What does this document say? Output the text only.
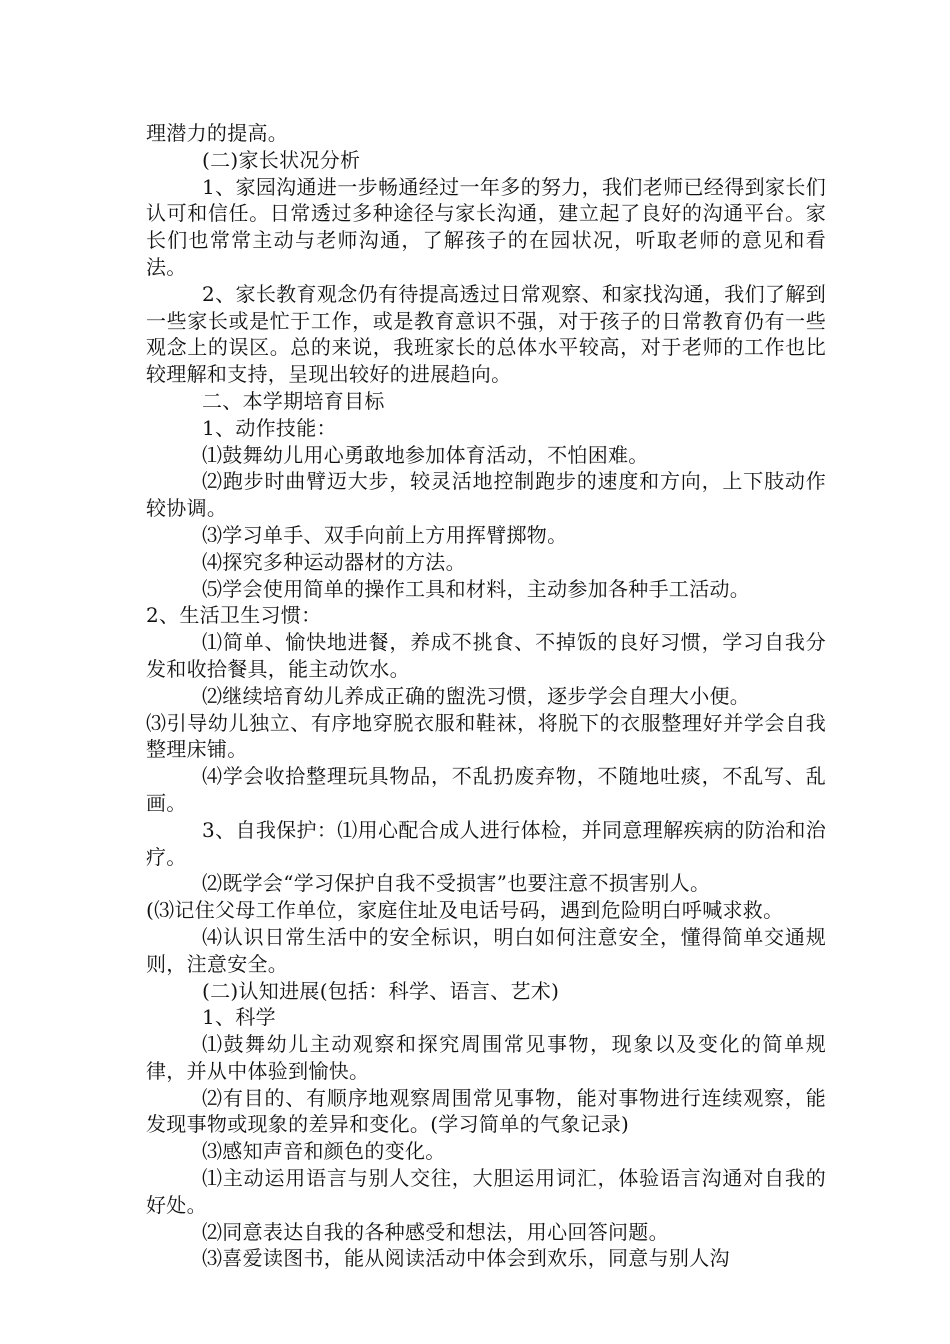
理潜力的提高。

(二)家长状况分析

1、家园沟通进一步畅通经过一年多的努力，我们老师已经得到家长们认可和信任。日常透过多种途径与家长沟通，建立起了良好的沟通平台。家长们也常常主动与老师沟通，了解孩子的在园状况，听取老师的意见和看法。

2、家长教育观念仍有待提高透过日常观察、和家找沟通，我们了解到一些家长或是忙于工作，或是教育意识不强，对于孩子的日常教育仍有一些观念上的误区。总的来说，我班家长的总体水平较高，对于老师的工作也比较理解和支持，呈现出较好的进展趋向。

二、本学期培育目标

1、动作技能：

⑴鼓舞幼儿用心勇敢地参加体育活动，不怕困难。

⑵跑步时曲臂迈大步，较灵活地控制跑步的速度和方向，上下肢动作较协调。

⑶学习单手、双手向前上方用挥臂掷物。

⑷探究多种运动器材的方法。

⑸学会使用简单的操作工具和材料，主动参加各种手工活动。

2、生活卫生习惯：

⑴简单、愉快地进餐，养成不挑食、不掉饭的良好习惯，学习自我分发和收拾餐具，能主动饮水。

⑵继续培育幼儿养成正确的盥洗习惯，逐步学会自理大小便。

⑶引导幼儿独立、有序地穿脱衣服和鞋袜，将脱下的衣服整理好并学会自我整理床铺。

⑷学会收拾整理玩具物品，不乱扔废弃物，不随地吐痰，不乱写、乱画。

3、自我保护：⑴用心配合成人进行体检，并同意理解疾病的防治和治疗。

⑵既学会“学习保护自我不受损害”也要注意不损害别人。

(⑶记住父母工作单位，家庭住址及电话号码，遇到危险明白呼喊求救。

⑷认识日常生活中的安全标识，明白如何注意安全，懂得简单交通规则，注意安全。

(二)认知进展(包括：科学、语言、艺术)

1、科学

⑴鼓舞幼儿主动观察和探究周围常见事物，现象以及变化的简单规律，并从中体验到愉快。

⑵有目的、有顺序地观察周围常见事物，能对事物进行连续观察，能发现事物或现象的差异和变化。(学习简单的气象记录)

⑶感知声音和颜色的变化。

⑴主动运用语言与别人交往，大胆运用词汇，体验语言沟通对自我的好处。

⑵同意表达自我的各种感受和想法，用心回答问题。

⑶喜爱读图书，能从阅读活动中体会到欢乐，同意与别人沟
